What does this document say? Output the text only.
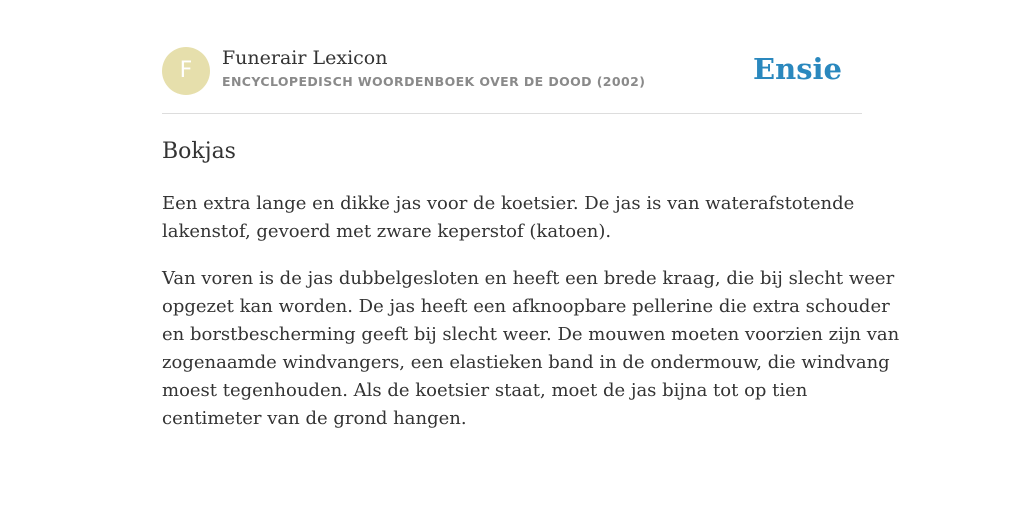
F	Funerair Lexicon
ENCYCLOPEDISCH WOORDENBOEK OVER DE DOOD (2002)	Ensie
Bokjas

Een extra lange en dikke jas voor de koetsier. De jas is van waterafstotende
lakenstof, gevoerd met zware keperstof (katoen).

Van voren is de jas dubbelgesloten en heeft een brede kraag, die bij slecht weer
opgezet kan worden. De jas heeft een afknoopbare pellerine die extra schouder
en borstbescherming geeft bij slecht weer. De mouwen moeten voorzien zijn van
zogenaamde windvangers, een elastieken band in de ondermouw, die windvang
moest tegenhouden. Als de koetsier staat, moet de jas bijna tot op tien
centimeter van de grond hangen.
